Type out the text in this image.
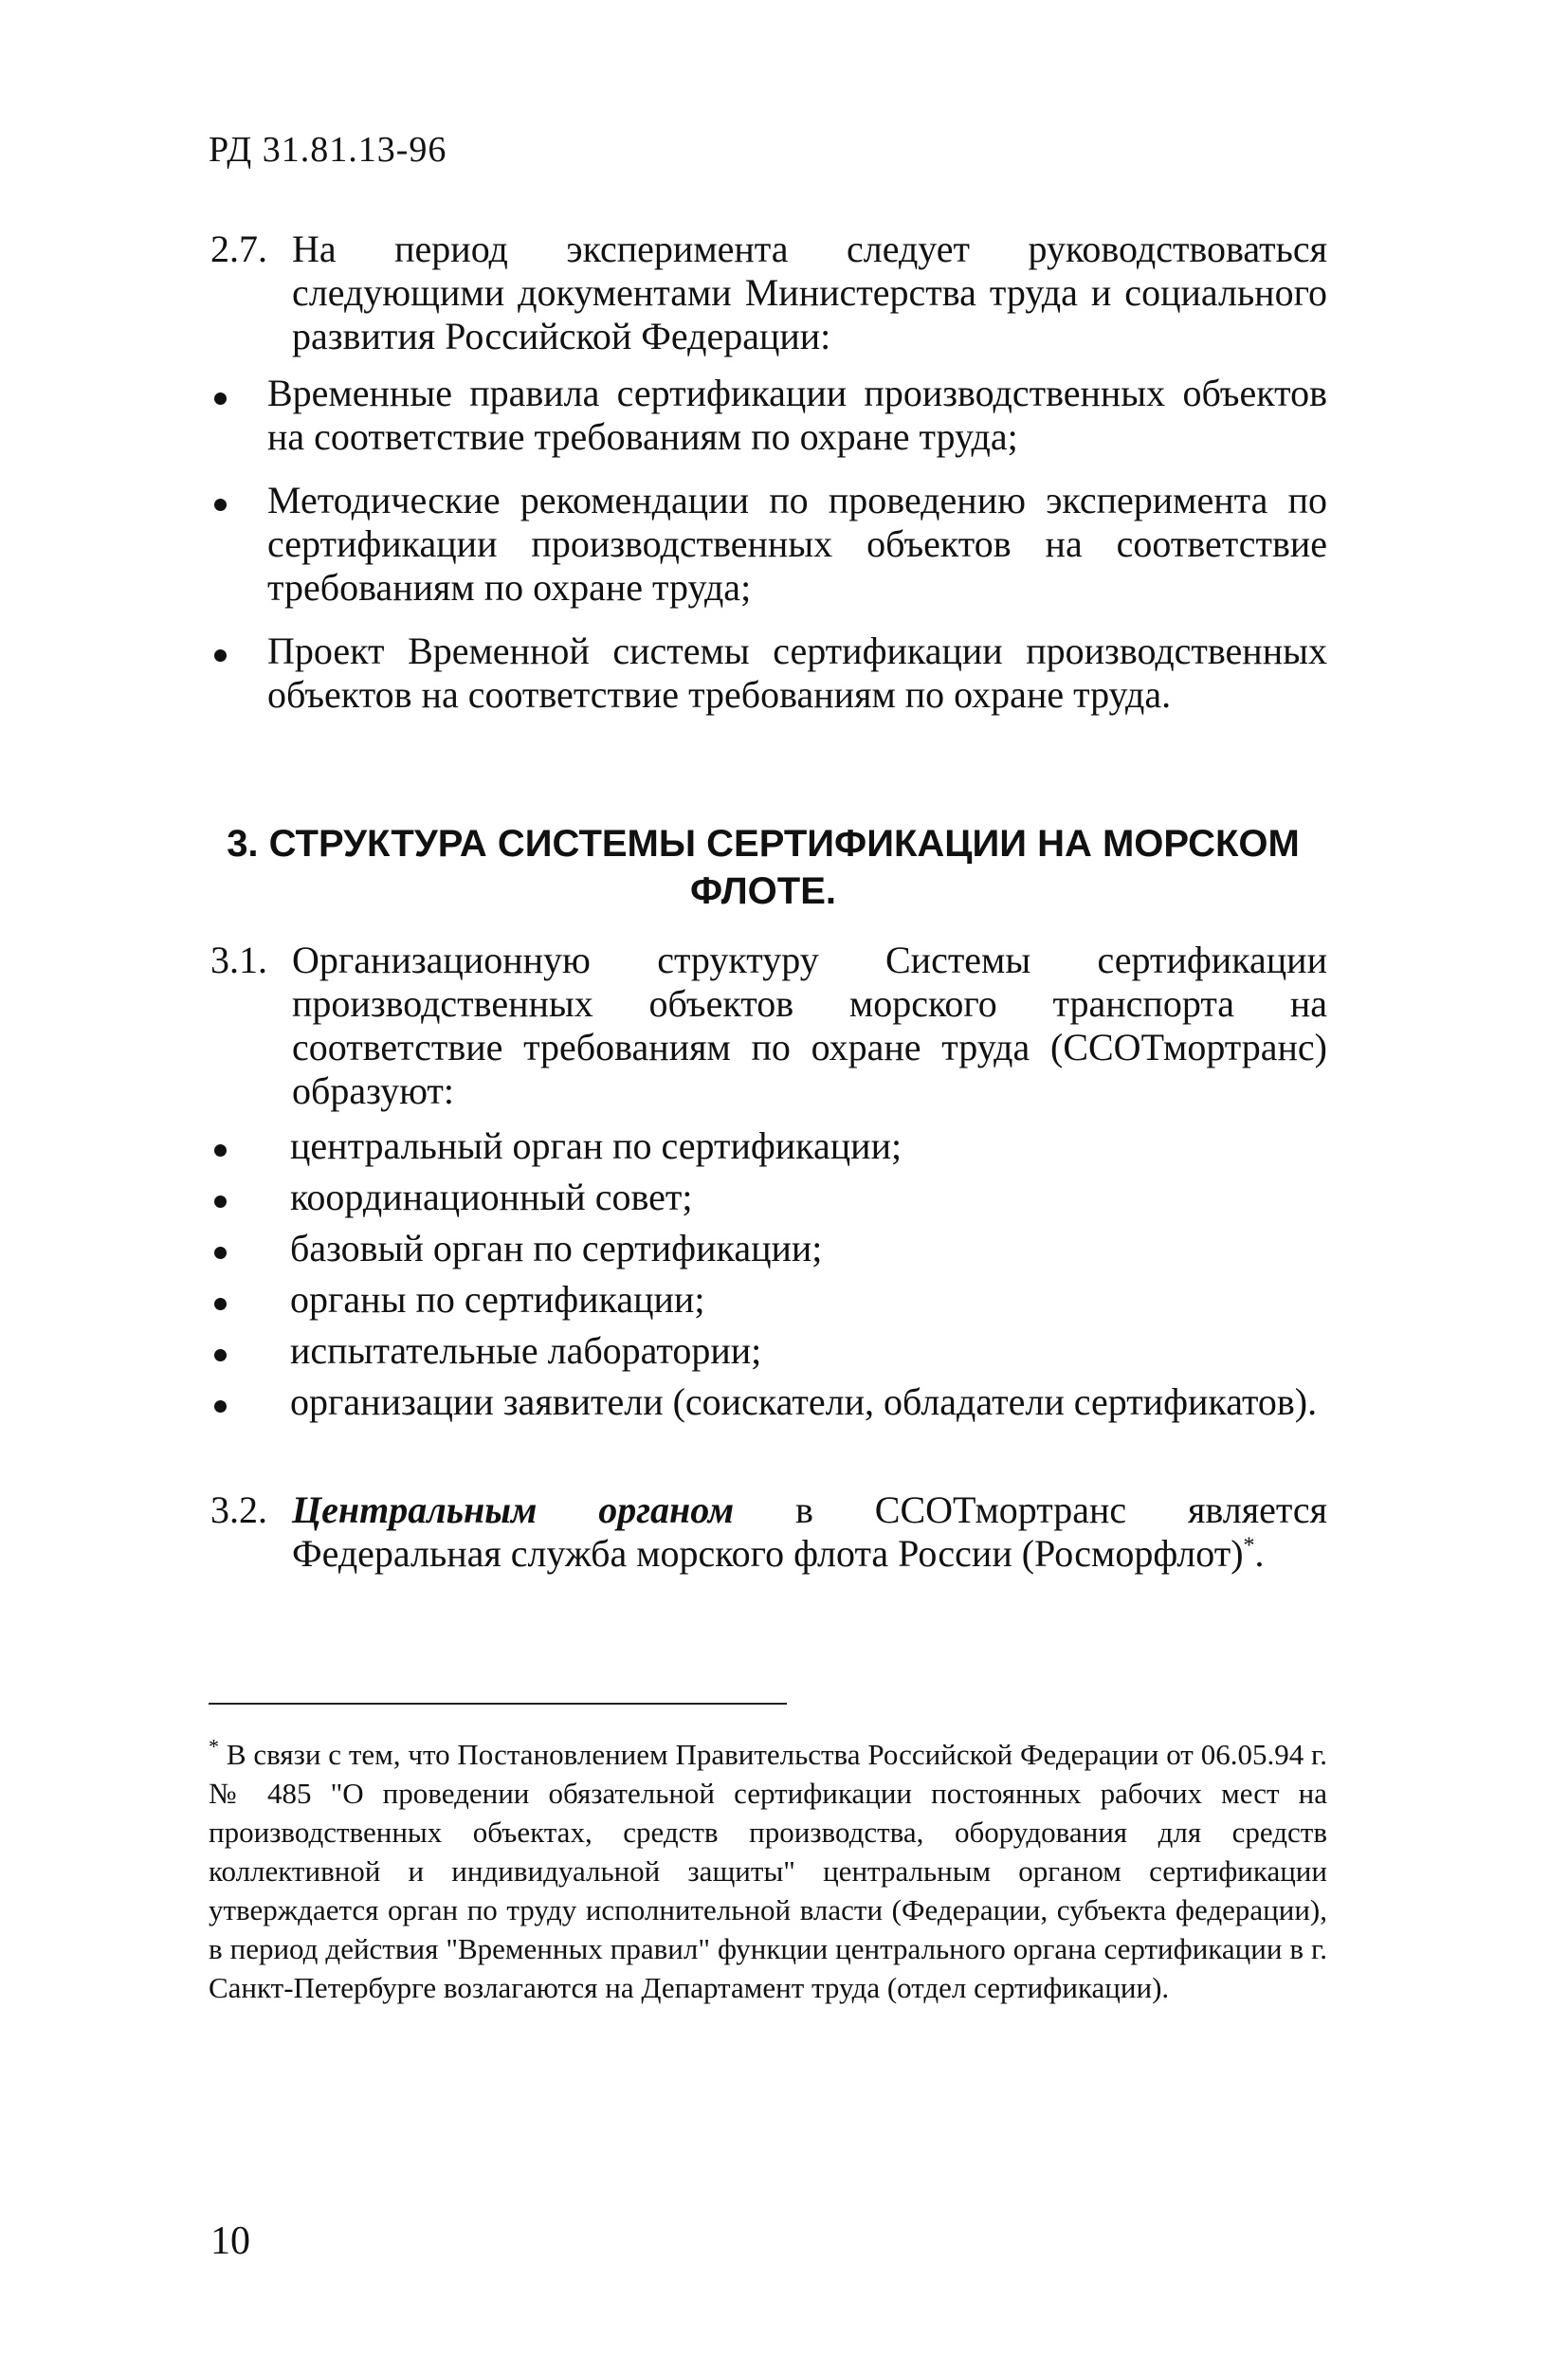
РД 31.81.13-96
2.7. На период эксперимента следует руководствоваться следующими документами Министерства труда и социального развития Российской Федерации:
Временные правила сертификации производственных объектов на соответствие требованиям по охране труда;
Методические рекомендации по проведению эксперимента по сертификации производственных объектов на соответствие требованиям по охране труда;
Проект Временной системы сертификации производственных объектов на соответствие требованиям по охране труда.
3. СТРУКТУРА СИСТЕМЫ СЕРТИФИКАЦИИ НА МОРСКОМ
ФЛОТЕ.
3.1. Организационную структуру Системы сертификации производственных объектов морского транспорта на соответствие требованиям по охране труда (ССОТмортранс) образуют:
центральный орган по сертификации;
координационный совет;
базовый орган по сертификации;
органы по сертификации;
испытательные лаборатории;
организации заявители (соискатели, обладатели сертификатов).
3.2. Центральным органом в ССОТмортранс является Федеральная служба морского флота России (Росморфлот)*.
* В связи с тем, что Постановлением Правительства Российской Федерации от 06.05.94 г. № 485 "О проведении обязательной сертификации постоянных рабочих мест на производственных объектах, средств производства, оборудования для средств коллективной и индивидуальной защиты" центральным органом сертификации утверждается орган по труду исполнительной власти (Федерации, субъекта федерации), в период действия "Временных правил" функции центрального органа сертификации в г. Санкт-Петербурге возлагаются на Департамент труда (отдел сертификации).
10
